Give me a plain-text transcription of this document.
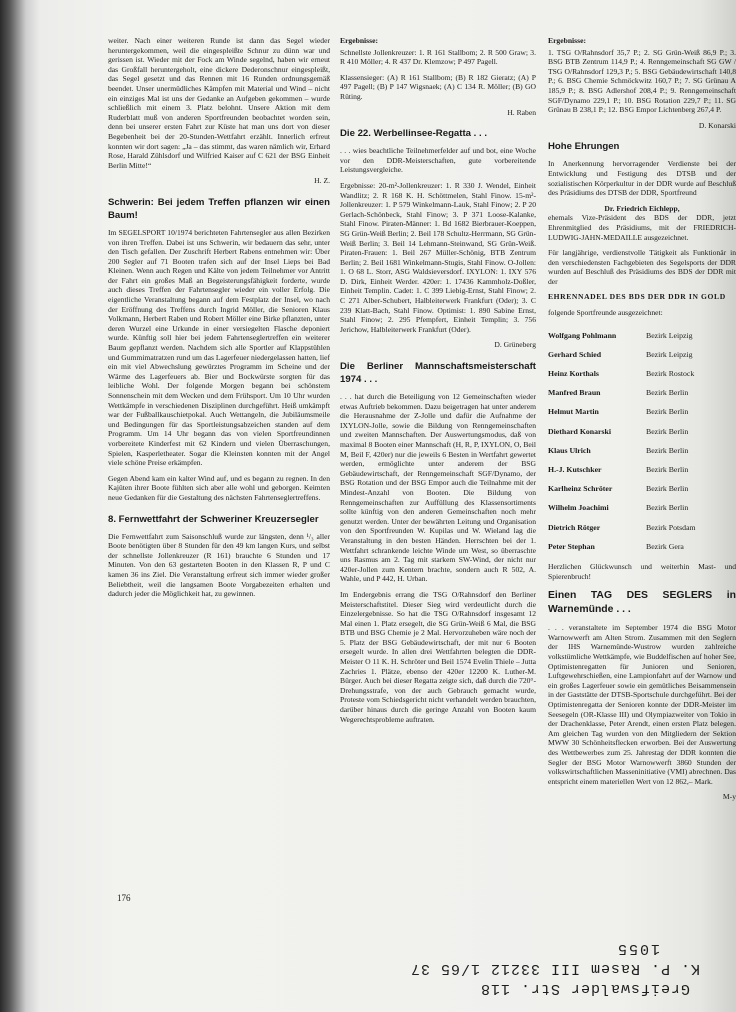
weiter. Nach einer weiteren Runde ist dann das Segel wieder heruntergekommen, weil die eingespleißte Schnur zu dünn war und gerissen ist. Wieder mit der Fock am Winde segelnd, haben wir erneut das Großfall heruntergeholt, eine dickere Dederonschnur eingespleißt, das Segel gesetzt und das Rennen mit 16 Runden ordnungsgemäß beendet. Unser unermüdliches Kämpfen mit Material und Wind – nicht ein einziges Mal ist uns der Gedanke an Aufgeben gekommen – wurde schließlich mit einem 3. Platz belohnt. Unsere Aktion mit dem Ruderblatt muß von anderen Sportfreunden beobachtet worden sein, denn bei unserer ersten Fahrt zur Küste hat man uns dort von dieser Begebenheit bei der 20-Stunden-Wettfahrt erzählt. Innerlich erfreut konnten wir dort sagen: „Ja – das stimmt, das waren nämlich wir, Erhard Rose, Harald Zühlsdorf und Wilfried Kaiser auf C 621 der BSG Einheit Berlin Mitte!“

H. Z.
Schwerin: Bei jedem Treffen pflanzen wir einen Baum!

Im SEGELSPORT 10/1974 berichteten Fahrtensegler aus allen Bezirken von ihren Treffen. Dabei ist uns Schwerin, wir bedauern das sehr, unter den Tisch gefallen. Der Zuschrift Herbert Rabens entnehmen wir: Über 200 Segler auf 71 Booten trafen sich auf der Insel Lieps bei Bad Kleinen. Wenn auch Regen und Kälte von jedem Teilnehmer vor Antritt der Fahrt ein großes Maß an Begeisterungsfähigkeit forderte, wurde auch dieses Treffen der Fahrtensegler wieder ein voller Erfolg. Die eigentliche Veranstaltung begann auf dem Festplatz der Insel, wo nach der Eröffnung des Treffens durch Ingrid Möller, die Senioren Klaus Volkmann, Herbert Raben und Robert Möller eine Birke pflanzten, unter deren Wurzel eine Urkunde in einer versiegelten Flasche deponiert wurde. Künftig soll hier bei jedem Fahrtenseglertreffen ein weiterer Baum gepflanzt werden. Nachdem sich alle Sportler auf Klappstühlen und Gummimatratzen rund um das Lagerfeuer niedergelassen hatten, lief ein mit viel Abwechslung gewürztes Programm im Scheine und der Wärme des Lagerfeuers ab. Bier und Bockwürste sorgten für das leibliche Wohl. Der folgende Morgen begann bei schönstem Sonnenschein mit dem Wecken und dem Frühsport. Um 10 Uhr wurden Wettkämpfe in verschiedenen Disziplinen durchgeführt. Heiß umkämpft war der Fußballkauschietpokal. Auch Wettangeln, die Jubiläumsmeile und Bedingungen für das Sportleistungsabzeichen standen auf dem Programm. Um 14 Uhr begann das von vielen Sportfreundinnen vorbereitete Kinderfest mit 62 Kindern und vielen Überraschungen, Spielen, Kasperletheater. Sogar die Kleinsten konnten mit der Angel viele schöne Preise erkämpfen.

Gegen Abend kam ein kalter Wind auf, und es begann zu regnen. In den Kajüten ihrer Boote fühlten sich aber alle wohl und geborgen. Keimten neue Gedanken für die Gestaltung des nächsten Fahrtenseglertreffens.

8. Fernwettfahrt der Schweriner Kreuzersegler

Die Fernwettfahrt zum Saisonschluß wurde zur längsten, denn ¹/₃ aller Boote benötigten über 8 Stunden für den 49 km langen Kurs, und selbst der schnellste Jollenkreuzer (R 161) brauchte 6 Stunden und 17 Minuten. Von den 63 gestarteten Booten in den Klassen R, P und C kamen 36 ins Ziel. Die Veranstaltung erfreut sich immer wieder großer Beliebtheit, weil die langsamen Boote Vorgabezeiten erhalten und dadurch jeder die Möglichkeit hat, zu gewinnen.

Ergebnisse:

Schnellste Jollenkreuzer: 1. R 161 Stallbom; 2. R 500 Graw; 3. R 410 Möller; 4. R 437 Dr. Klemzow; P 497 Pagell.

Klassensieger: (A) R 161 Stallbom; (B) R 182 Gieratz; (A) P 497 Pagell; (B) P 147 Wigsnaek; (A) C 134 R. Möller; (B) GO Rüting.

H. Raben
Die 22. Werbellinsee-Regatta . . .

. . . wies beachtliche Teilnehmerfelder auf und bot, eine Woche vor den DDR-Meisterschaften, gute vorbereitende Leistungsvergleiche.

Ergebnisse: 20-m²-Jollenkreuzer: 1. R 330 J. Wendel, Einheit Wandlitz; 2. R 168 K. H. Schöttmelen, Stahl Finow. 15-m²-Jollenkreuzer: 1. P 579 Winkelmann-Lauk, Stahl Finow; 2. P 20 Gerlach-Schönbeck, Stahl Finow; 3. P 371 Loose-Kalanke, Stahl Finow. Piraten-Männer: 1. Bd 1682 Bierbrauer-Koeppen, SG Grün-Weiß Berlin; 2. Beil 178 Schultz-Herrmann, SG Grün-Weiß Berlin; 3. Beil 14 Lehmann-Steinwand, SG Grün-Weiß. Piraten-Frauen: 1. Beil 267 Müller-Schönig, BTB Zentrum Berlin; 2. Beil 1681 Winkelmann-Stugis, Stahl Finow. O-Jollen: 1. O 68 L. Storr, ASG Waldsieversdorf. IXYLON: 1. IXY 576 D. Dirk, Einheit Werder. 420er: 1. 17436 Kammholz-Doßler, Einheit Templin. Cadet: 1. C 399 Liebig-Ernst, Stahl Finow; 2. C 271 Alber-Schubert, Halbleiterwerk Frankfurt (Oder); 3. C 239 Klatt-Bach, Stahl Finow. Optimist: 1. 890 Sabine Ernst, Stahl Finow; 2. 295 Pfempfert, Einheit Templin; 3. 756 Jerichow, Halbleiterwerk Frankfurt (Oder).

D. Grüneberg
Die Berliner Mannschaftsmeisterschaft 1974 . . .

. . . hat durch die Beteiligung von 12 Gemeinschaften wieder etwas Auftrieb bekommen. Dazu beigetragen hat unter anderem die Herausnahme der Z-Jolle und dafür die Aufnahme der IXYLON-Jolle, sowie die Bildung von Renngemeinschaften und zweiten Mannschaften. Der Auswertungsmodus, daß von maximal 8 Booten einer Mannschaft (H, R, P, IXYLON, O, Beil M, Beil F, 420er) nur die jeweils 6 Besten in Wertfahrt gewertet werden, ermöglichte unter anderem der BSG Gebäudewirtschaft, der Renngemeinschaft SGF/Dynamo, der BSG Rotation und der BSG Empor auch die Teilnahme mit der Mindest-Anzahl von Booten. Die Bildung von Renngemeinschaften zur Auffüllung des Klassensortiments sollte künftig von den anderen Gemeinschaften noch mehr genutzt werden. Unter der bewährten Leitung und Organisation von den Sportfreunden W. Kupilas und W. Wieland lag die Veranstaltung in den besten Händen. Herrschten bei der 1. Wettfahrt schrankende leichte Winde um West, so überraschte uns Rasmus am 2. Tag mit starkem SW-Wind, der nicht nur 420er-Jollen zum Kentern brachte, sondern auch R 502, A. Wahle, und P 442, H. Urban.

Im Endergebnis errang die TSG O/Rahnsdorf den Berliner Meisterschaftstitel. Dieser Sieg wird verdeutlicht durch die Einzelergebnisse. So hat die TSG O/Rahnsdorf insgesamt 12 Mal einen 1. Platz ersegelt, die SG Grün-Weiß 6 Mal, die BSG BTB und BSG Chemie je 2 Mal. Hervorzuheben wäre noch der 5. Platz der BSG Gebäudewirtschaft, der mit nur 6 Booten ersegelt wurde. In allen drei Wettfahrten belegten die DDR-Meister O 11 K. H. Schröter und Beil 1574 Evelin Thiele – Jutta Zachries 1. Plätze, ebenso der 420er 12200 K. Luther-M. Bürger. Auch bei dieser Regatta zeigte sich, daß durch die 720°-Drehungsstrafe, von der auch Gebrauch gemacht wurde, Proteste vom Schiedsgericht nicht verhandelt werden brauchten, darüber hinaus durch die geringe Anzahl von Booten kaum Wegerechtsprobleme auftraten.

Ergebnisse:

1. TSG O/Rahnsdorf 35,7 P.; 2. SG Grün-Weiß 86,9 P.; 3. BSG BTB Zentrum 114,9 P.; 4. Renngemeinschaft SG GW / TSG O/Rahnsdorf 129,3 P.; 5. BSG Gebäudewirtschaft 140,8 P.; 6. BSG Chemie Schmöckwitz 160,7 P.; 7. SG Grünau A 185,9 P.; 8. BSG Adlershof 208,4 P.; 9. Renngemeinschaft SGF/Dynamo 229,1 P.; 10. BSG Rotation 229,7 P.; 11. SG Grünau B 238,1 P.; 12. BSG Empor Lichtenberg 267,4 P.

D. Konarski
Hohe Ehrungen

In Anerkennung hervorragender Verdienste bei der Entwicklung und Festigung des DTSB und der sozialistischen Körperkultur in der DDR wurde auf Beschluß des Präsidiums des DTSB der DDR, Sportfreund

Dr. Friedrich Eichlepp,

ehemals Vize-Präsident des BDS der DDR, jetzt Ehrenmitglied des Präsidiums, mit der FRIEDRICH-LUDWIG-JAHN-MEDAILLE ausgezeichnet.

Für langjährige, verdienstvolle Tätigkeit als Funktionär in den verschiedensten Fachgebieten des Segelsports der DDR wurden auf Beschluß des Präsidiums des BDS der DDR mit der

EHRENNADEL DES BDS DER DDR IN GOLD

folgende Sportfreunde ausgezeichnet:

Wolfgang Pohlmann	Bezirk Leipzig
Gerhard Schied	Bezirk Leipzig
Heinz Korthals	Bezirk Rostock
Manfred Braun	Bezirk Berlin
Helmut Martin	Bezirk Berlin
Diethard Konarski	Bezirk Berlin
Klaus Ulrich	Bezirk Berlin
H.-J. Kutschker	Bezirk Berlin
Karlheinz Schröter	Bezirk Berlin
Wilhelm Joachimi	Bezirk Berlin
Dietrich Rötger	Bezirk Potsdam
Peter Stephan	Bezirk Gera

Herzlichen Glückwunsch und weiterhin Mast- und Spierenbruch!

Einen TAG DES SEGLERS in Warnemünde . . .

. . . veranstaltete im September 1974 die BSG Motor Warnowwerft am Alten Strom. Zusammen mit den Seglern der IHS Warnemünde-Wustrow wurden zahlreiche volkstümliche Wettkämpfe, wie Buddelfischen auf hoher See, Optimistenregatten für Junioren und Senioren, Luftgewehrschießen, eine Lampionfahrt auf der Warnow und ein großes Lagerfeuer sowie ein gemütliches Beisammensein in der Gaststätte der DTSB-Sportschule durchgeführt. Bei der Optimistenregatta der Senioren konnte der DDR-Meister im Seesegeln (OR-Klasse III) und Olympiazweiter von Tokio in der Drachenklasse, Peter Arendt, einen ersten Platz belegen. Am gleichen Tag wurden von den Mitgliedern der Sektion MWW 30 Schönheitsflecken erworben. Bei der Auswertung des Wettbewerbes zum 25. Jahrestag der DDR konnten die Segler der BSG Motor Warnowwerft 3860 Stunden der volkswirtschaftlichen Masseninitiative (VMI) abrechnen. Das entspricht einem materiellen Wert von 12 862,– Mark.

M-y
176
Greifswalder Str. 118
K. P. Rasem III 33212 1/65 37
1055
